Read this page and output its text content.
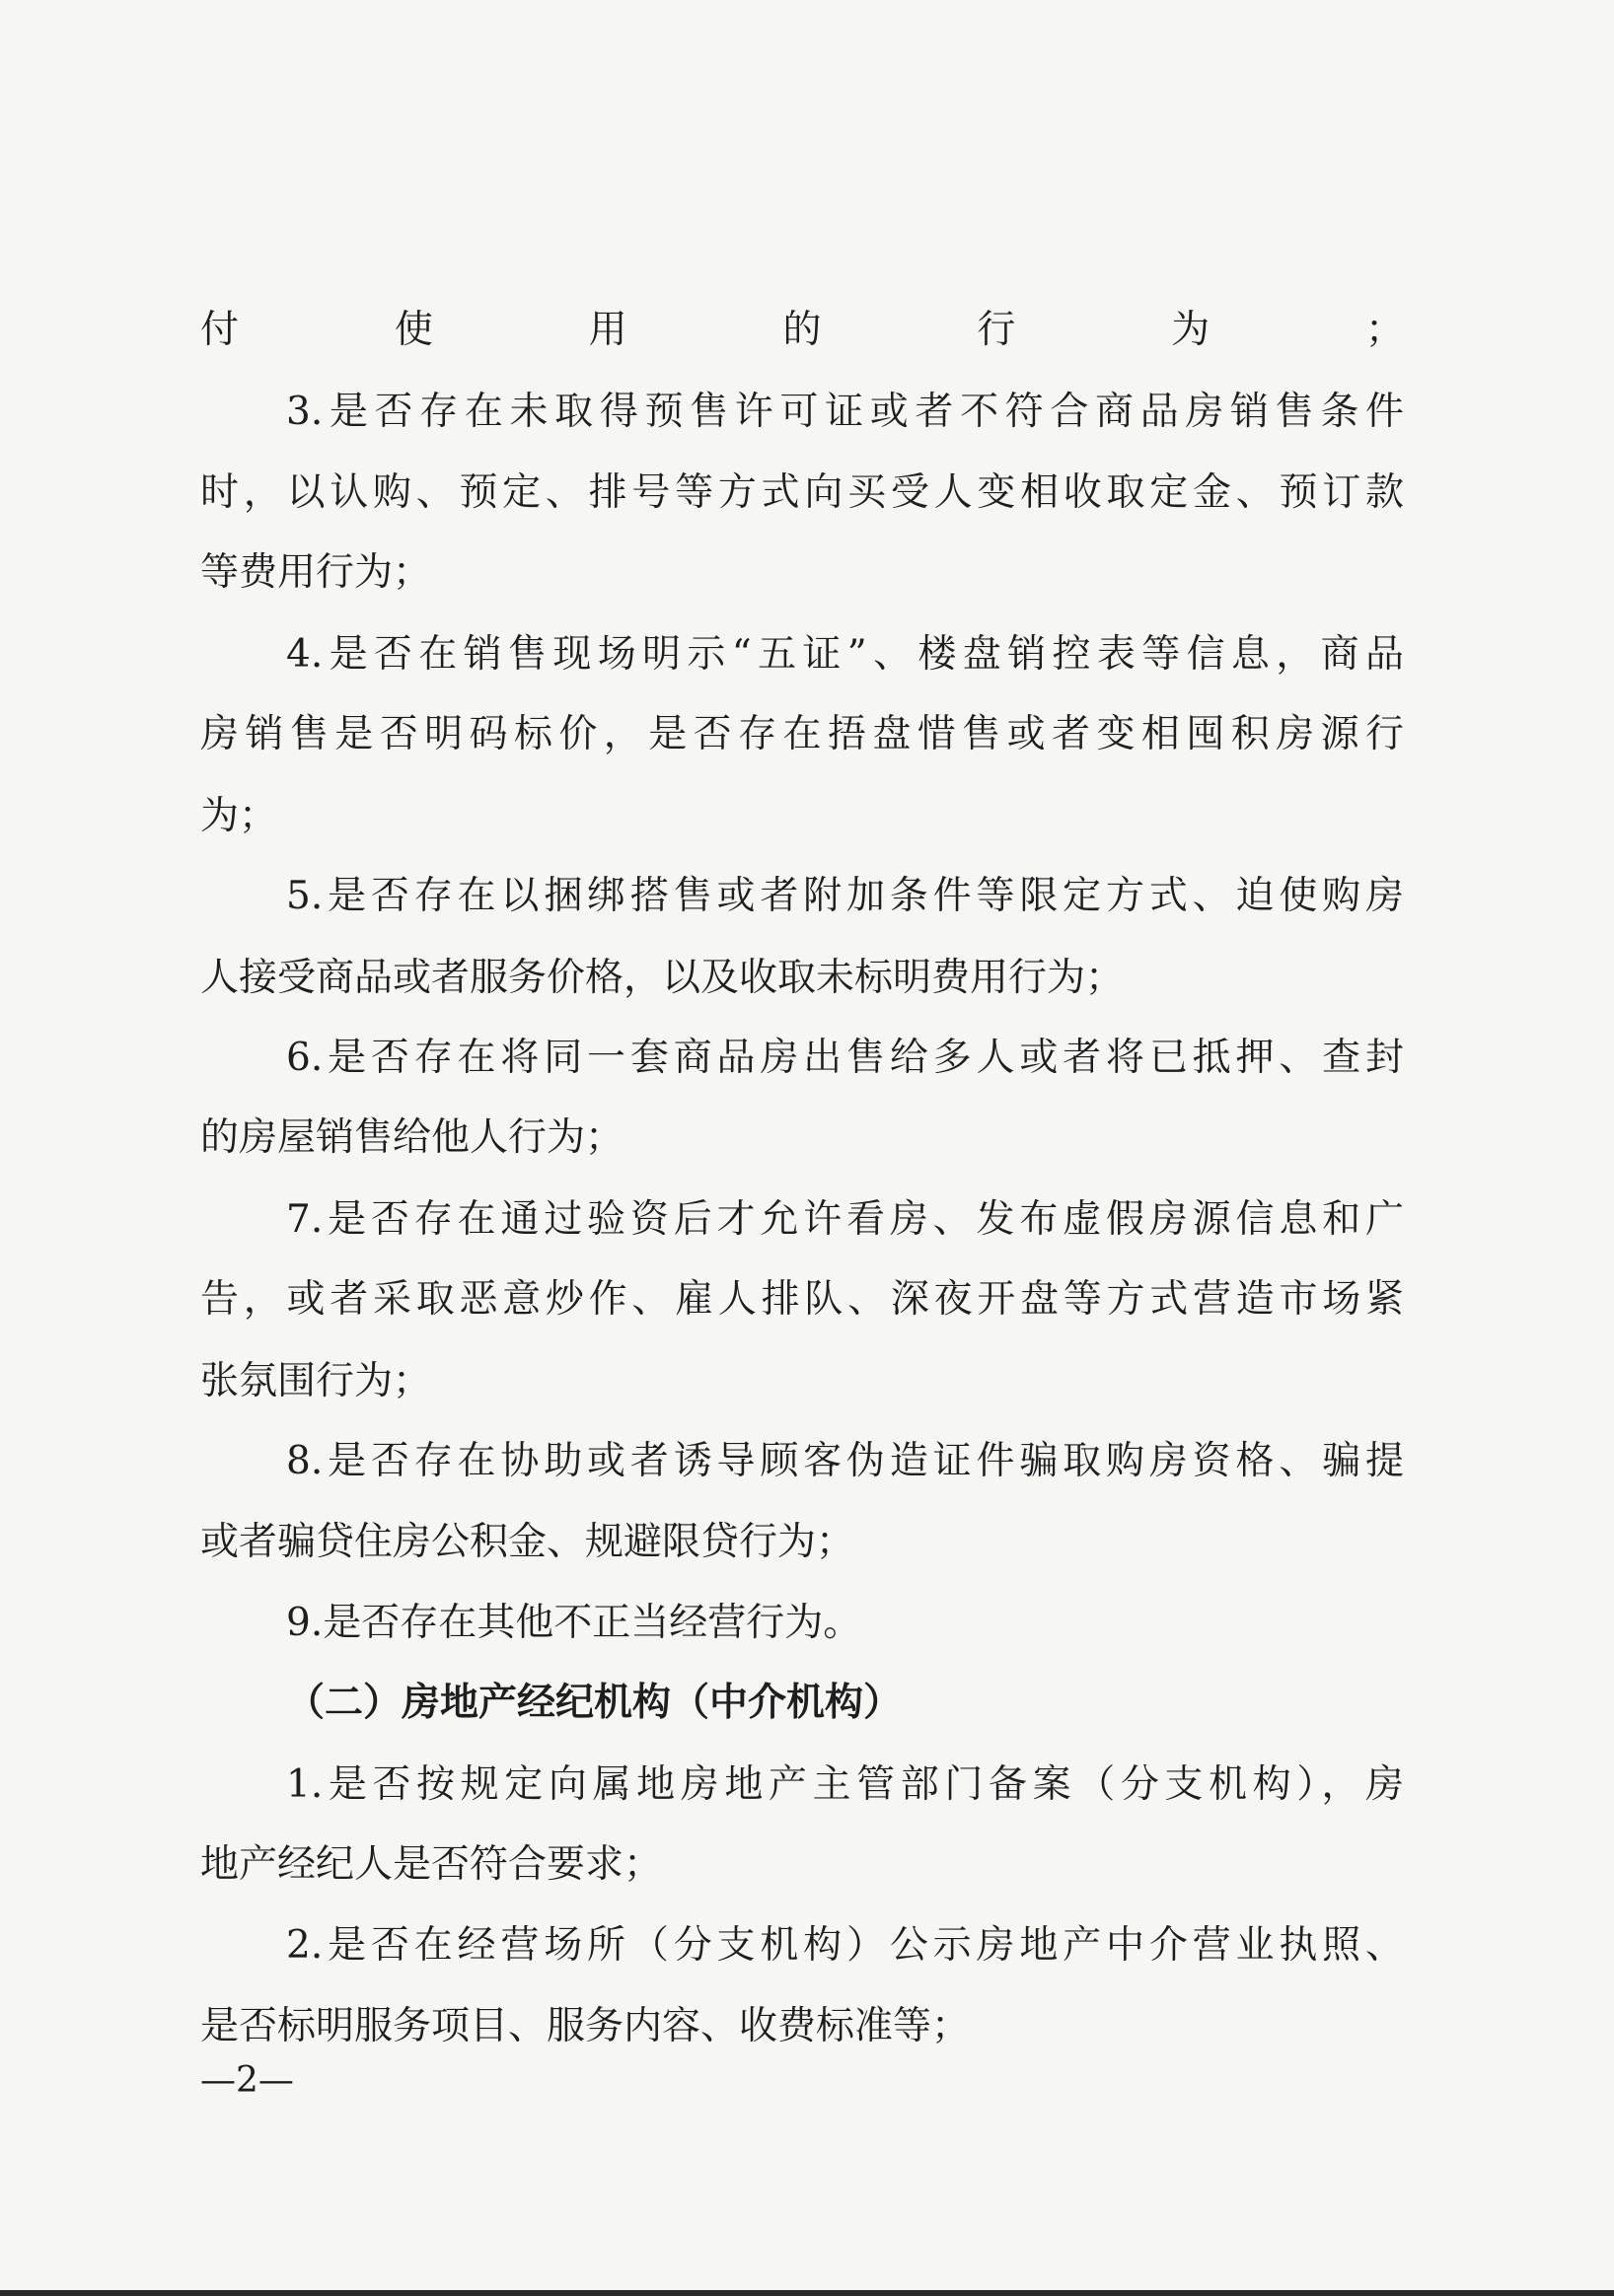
付使用的行为；
3.是否存在未取得预售许可证或者不符合商品房销售条件
时，以认购、预定、排号等方式向买受人变相收取定金、预订款
等费用行为；
4.是否在销售现场明示“五证”、楼盘销控表等信息，商品
房销售是否明码标价，是否存在捂盘惜售或者变相囤积房源行
为；
5.是否存在以捆绑搭售或者附加条件等限定方式、迫使购房
人接受商品或者服务价格，以及收取未标明费用行为；
6.是否存在将同一套商品房出售给多人或者将已抵押、查封
的房屋销售给他人行为；
7.是否存在通过验资后才允许看房、发布虚假房源信息和广
告，或者采取恶意炒作、雇人排队、深夜开盘等方式营造市场紧
张氛围行为；
8.是否存在协助或者诱导顾客伪造证件骗取购房资格、骗提
或者骗贷住房公积金、规避限贷行为；
9.是否存在其他不正当经营行为。
（二）房地产经纪机构（中介机构）
1.是否按规定向属地房地产主管部门备案（分支机构），房
地产经纪人是否符合要求；
2.是否在经营场所（分支机构）公示房地产中介营业执照、
是否标明服务项目、服务内容、收费标准等；
—2—
